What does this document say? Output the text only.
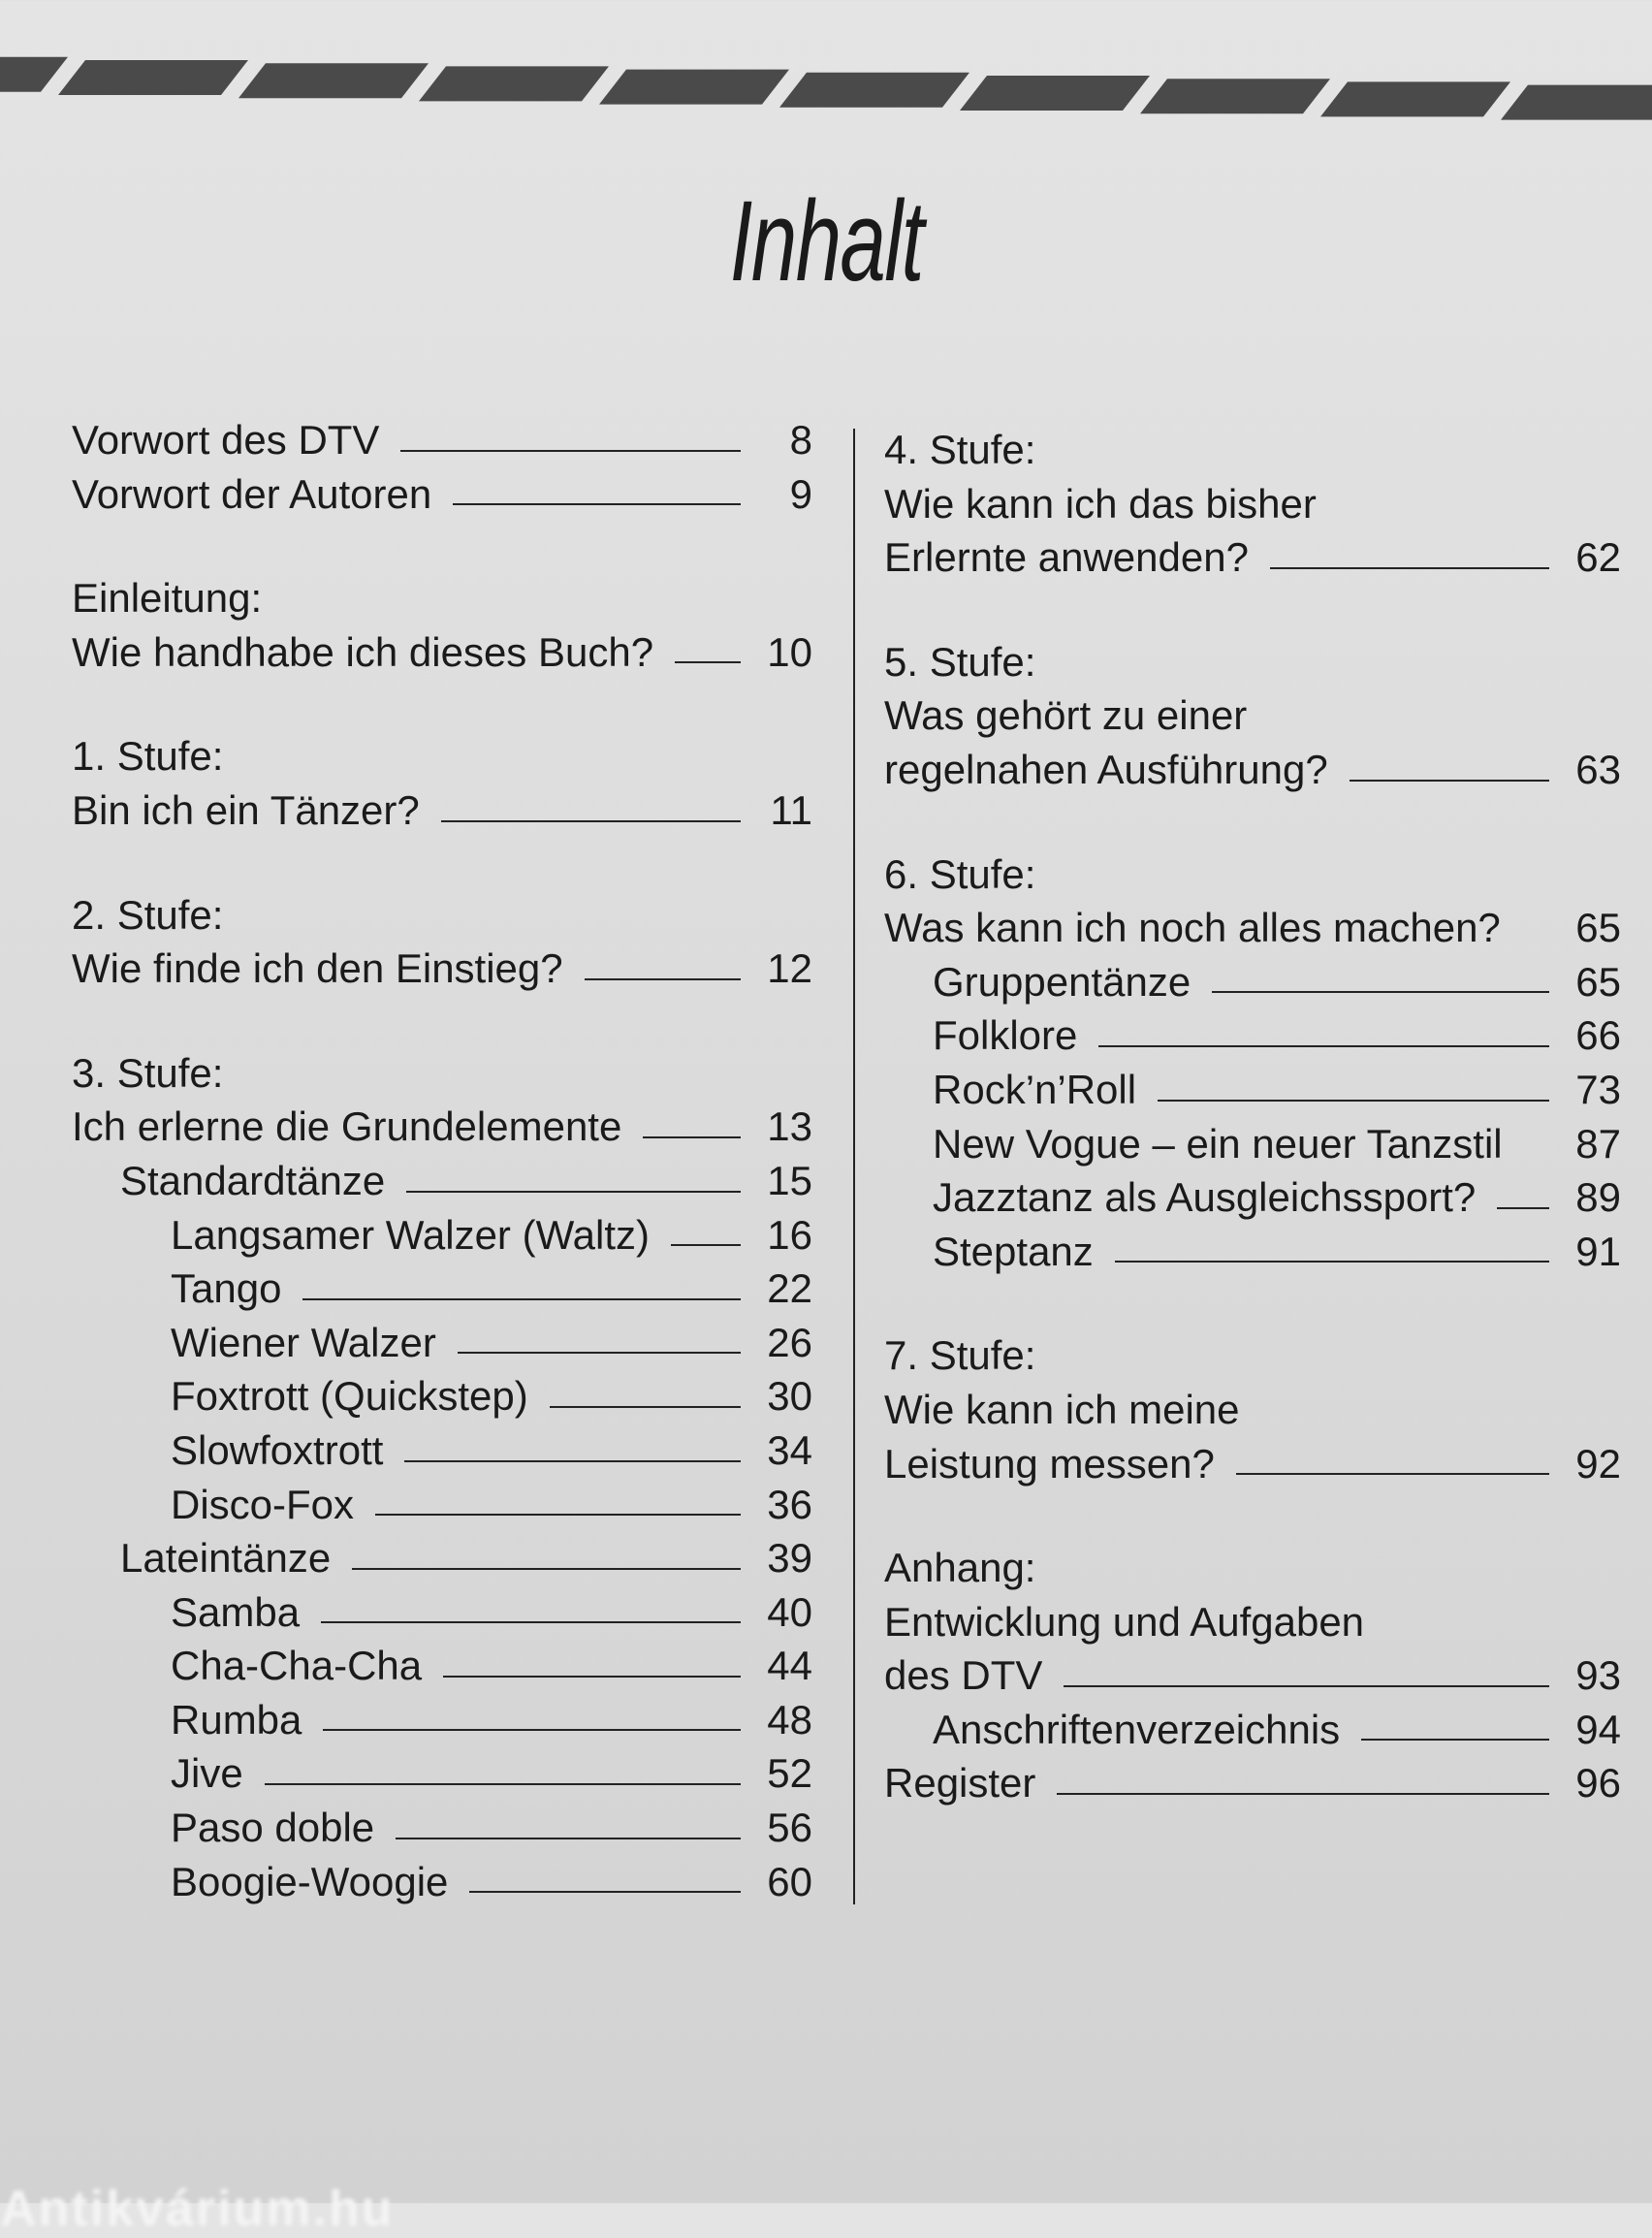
Inhalt
Vorwort des DTV	8
Vorwort der Autoren	9
Einleitung:
Wie handhabe ich dieses Buch?	10
1. Stufe:
Bin ich ein Tänzer?	11
2. Stufe:
Wie finde ich den Einstieg?	12
3. Stufe:
Ich erlerne die Grundelemente	13
Standardtänze	15
Langsamer Walzer (Waltz)	16
Tango	22
Wiener Walzer	26
Foxtrott (Quickstep)	30
Slowfoxtrott	34
Disco-Fox	36
Lateintänze	39
Samba	40
Cha-Cha-Cha	44
Rumba	48
Jive	52
Paso doble	56
Boogie-Woogie	60
4. Stufe:
Wie kann ich das bisher
Erlernte anwenden?	62
5. Stufe:
Was gehört zu einer
regelnahen Ausführung?	63
6. Stufe:
Was kann ich noch alles machen? 65
Gruppentänze	65
Folklore	66
Rock’n’Roll	73
New Vogue – ein neuer Tanzstil 87
Jazztanz als Ausgleichssport? 89
Steptanz	91
7. Stufe:
Wie kann ich meine
Leistung messen?	92
Anhang:
Entwicklung und Aufgaben
des DTV	93
Anschriftenverzeichnis	94
Register	96
Antikvárium.hu
